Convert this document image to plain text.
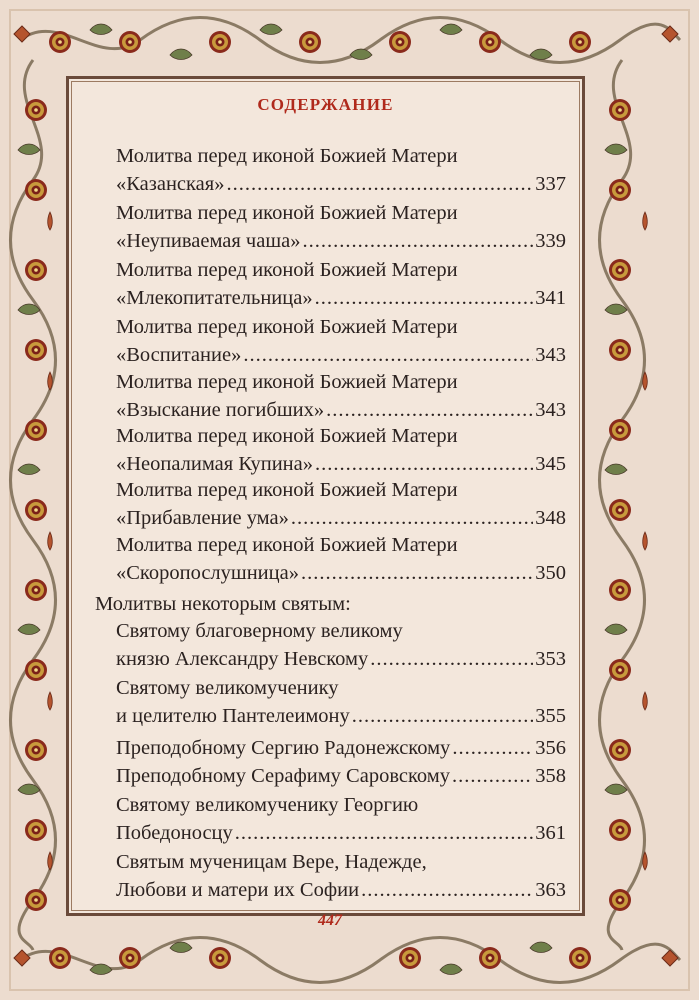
СОДЕРЖАНИЕ
Молитва перед иконой Божией Матери
«Казанская» .....	337
Молитва перед иконой Божией Матери
«Неупиваемая чаша» .....	339
Молитва перед иконой Божией Матери
«Млекопитательница» .....	341
Молитва перед иконой Божией Матери
«Воспитание» .....	343
Молитва перед иконой Божией Матери
«Взыскание погибших» .....	343
Молитва перед иконой Божией Матери
«Неопалимая Купина» .....	345
Молитва перед иконой Божией Матери
«Прибавление ума» .....	348
Молитва перед иконой Божией Матери
«Скоропослушница» .....	350
Молитвы некоторым святым:
Святому благоверному великому
князю Александру Невскому .....	353
Святому великомученику
и целителю Пантелеимону .....	355
Преподобному Сергию Радонежскому .....	356
Преподобному Серафиму Саровскому .....	358
Святому великомученику Георгию
Победоносцу .....	361
Святым мученицам Вере, Надежде,
Любови и матери их Софии .....	363
447
